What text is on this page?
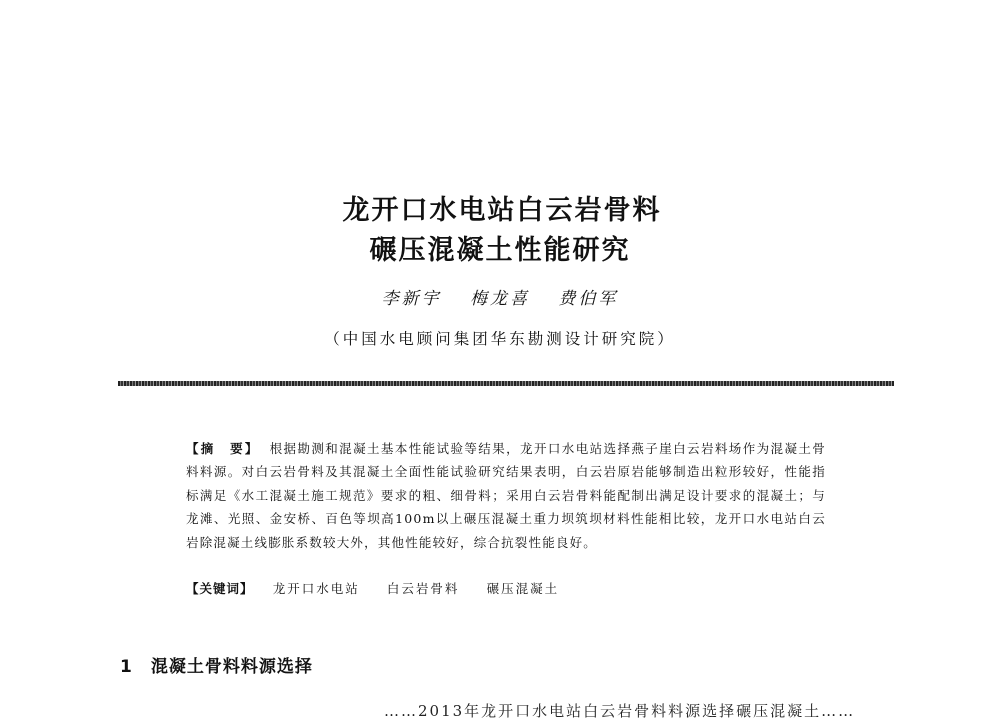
龙开口水电站白云岩骨料
碾压混凝土性能研究
李新宇 梅龙喜 费伯军
（中国水电顾问集团华东勘测设计研究院）
【摘　要】 根据勘测和混凝土基本性能试验等结果，龙开口水电站选择燕子崖白云岩料场作为混凝土骨料料源。对白云岩骨料及其混凝土全面性能试验研究结果表明，白云岩原岩能够制造出粒形较好，性能指标满足《水工混凝土施工规范》要求的粗、细骨料；采用白云岩骨料能配制出满足设计要求的混凝土；与龙滩、光照、金安桥、百色等坝高100m以上碾压混凝土重力坝筑坝材料性能相比较，龙开口水电站白云岩除混凝土线膨胀系数较大外，其他性能较好，综合抗裂性能良好。
【关键词】 龙开口水电站 白云岩骨料 碾压混凝土
1 混凝土骨料料源选择
……2013年龙开口水电站白云岩骨料料源选择碾压混凝土……
